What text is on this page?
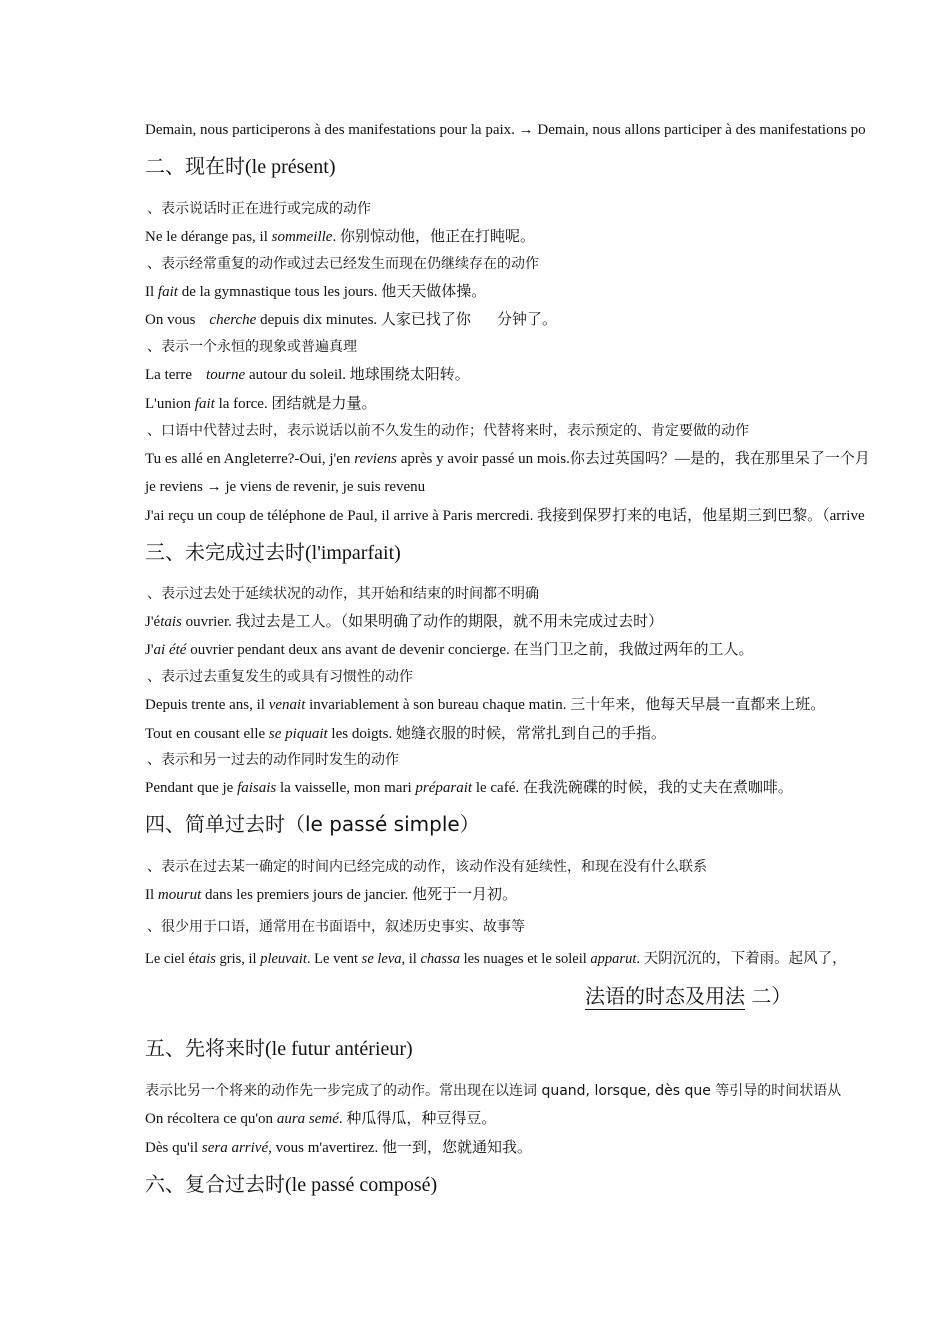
Demain, nous participerons à des manifestations pour la paix. → Demain, nous allons participer à des manifestations po
二、现在时(le présent)
、表示说话时正在进行或完成的动作
Ne le dérange pas, il sommeille. 你别惊动他，他正在打盹呢。
、表示经常重复的动作或过去已经发生而现在仍继续存在的动作
Il fait de la gymnastique tous les jours. 他天天做体操。
On vous cherche depuis dix minutes. 人家已找了你 分钟了。
、表示一个永恒的现象或普遍真理
La terre tourne autour du soleil. 地球围绕太阳转。
L'union fait la force. 团结就是力量。
、口语中代替过去时，表示说话以前不久发生的动作；代替将来时，表示预定的、肯定要做的动作
Tu es allé en Angleterre?-Oui, j'en reviens après y avoir passé un mois.你去过英国吗？—是的，我在那里呆了一个月
je reviens → je viens de revenir, je suis revenu
J'ai reçu un coup de téléphone de Paul, il arrive à Paris mercredi. 我接到保罗打来的电话，他星期三到巴黎。（arrive
三、未完成过去时(l'imparfait)
、表示过去处于延续状况的动作，其开始和结束的时间都不明确
J'étais ouvrier. 我过去是工人。（如果明确了动作的期限，就不用未完成过去时）
J'ai été ouvrier pendant deux ans avant de devenir concierge. 在当门卫之前，我做过两年的工人。
、表示过去重复发生的或具有习惯性的动作
Depuis trente ans, il venait invariablement à son bureau chaque matin. 三十年来，他每天早晨一直都来上班。
Tout en cousant elle se piquait les doigts. 她缝衣服的时候，常常扎到自己的手指。
、表示和另一过去的动作同时发生的动作
Pendant que je faisais la vaisselle, mon mari préparait le café. 在我洗碗碟的时候，我的丈夫在煮咖啡。
四、简单过去时（le passé simple）
、表示在过去某一确定的时间内已经完成的动作，该动作没有延续性，和现在没有什么联系
Il mourut dans les premiers jours de jancier. 他死于一月初。
、很少用于口语，通常用在书面语中，叙述历史事实、故事等
Le ciel étais gris, il pleuvait. Le vent se leva, il chassa les nuages et le soleil apparut. 天阴沉沉的，下着雨。起风了，
法语的时态及用法 二）
五、先将来时(le futur antérieur)
表示比另一个将来的动作先一步完成了的动作。常出现在以连词 quand, lorsque, dès que 等引导的时间状语从
On récoltera ce qu'on aura semé. 种瓜得瓜，种豆得豆。
Dès qu'il sera arrivé, vous m'avertirez. 他一到，您就通知我。
六、复合过去时(le passé composé)
